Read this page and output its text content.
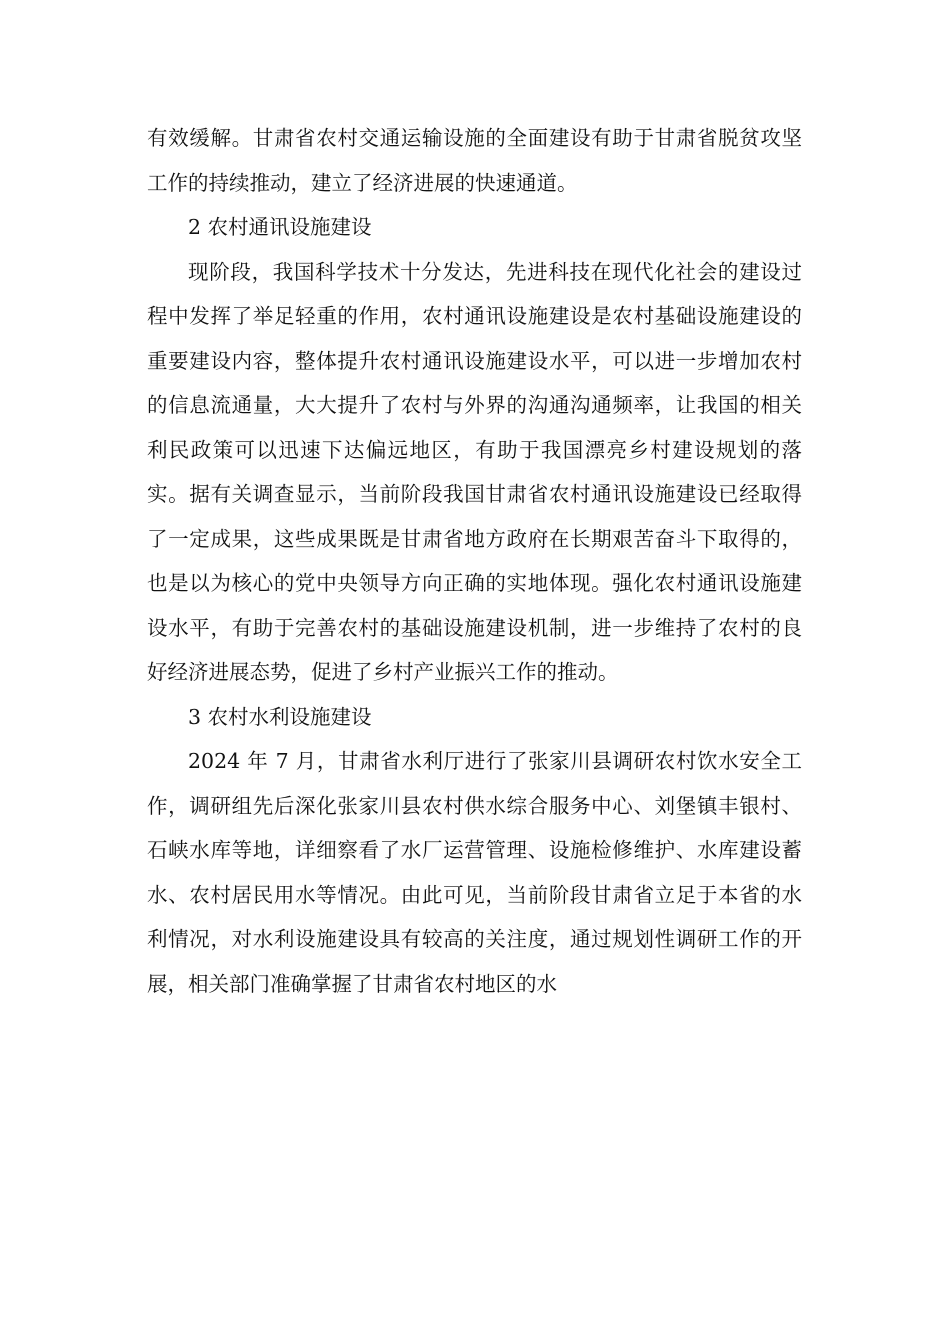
有效缓解。甘肃省农村交通运输设施的全面建设有助于甘肃省脱贫攻坚工作的持续推动，建立了经济进展的快速通道。

2 农村通讯设施建设

现阶段，我国科学技术十分发达，先进科技在现代化社会的建设过程中发挥了举足轻重的作用，农村通讯设施建设是农村基础设施建设的重要建设内容，整体提升农村通讯设施建设水平，可以进一步增加农村的信息流通量，大大提升了农村与外界的沟通沟通频率，让我国的相关利民政策可以迅速下达偏远地区，有助于我国漂亮乡村建设规划的落实。据有关调查显示，当前阶段我国甘肃省农村通讯设施建设已经取得了一定成果，这些成果既是甘肃省地方政府在长期艰苦奋斗下取得的，也是以为核心的党中央领导方向正确的实地体现。强化农村通讯设施建设水平，有助于完善农村的基础设施建设机制，进一步维持了农村的良好经济进展态势，促进了乡村产业振兴工作的推动。

3 农村水利设施建设

2024 年 7 月，甘肃省水利厅进行了张家川县调研农村饮水安全工作，调研组先后深化张家川县农村供水综合服务中心、刘堡镇丰银村、石峡水库等地，详细察看了水厂运营管理、设施检修维护、水库建设蓄水、农村居民用水等情况。由此可见，当前阶段甘肃省立足于本省的水利情况，对水利设施建设具有较高的关注度，通过规划性调研工作的开展，相关部门准确掌握了甘肃省农村地区的水
